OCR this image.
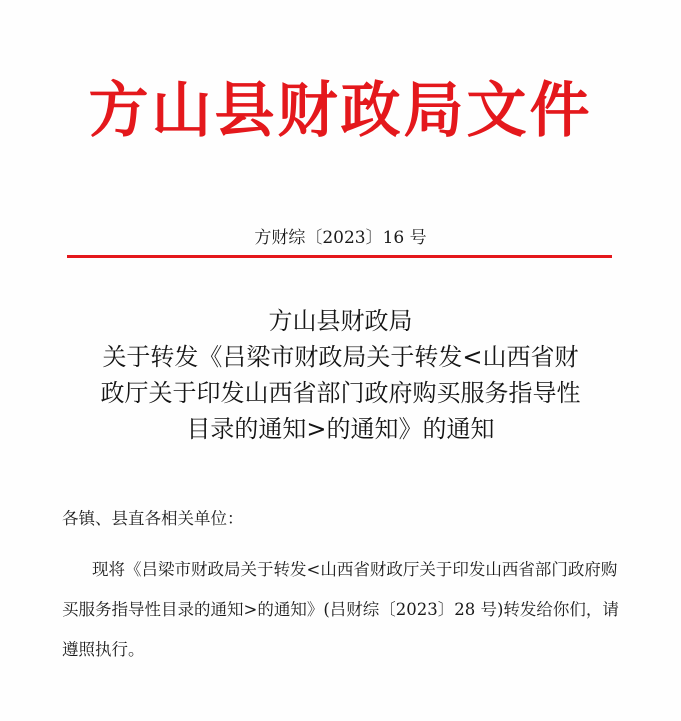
方山县财政局文件
方财综〔2023〕16 号
方山县财政局
关于转发《吕梁市财政局关于转发<山西省财
政厅关于印发山西省部门政府购买服务指导性
目录的通知>的通知》的通知

各镇、县直各相关单位：

现将《吕梁市财政局关于转发<山西省财政厅关于印发山西省部门政府购买服务指导性目录的通知>的通知》(吕财综〔2023〕28 号)转发给你们，请遵照执行。
